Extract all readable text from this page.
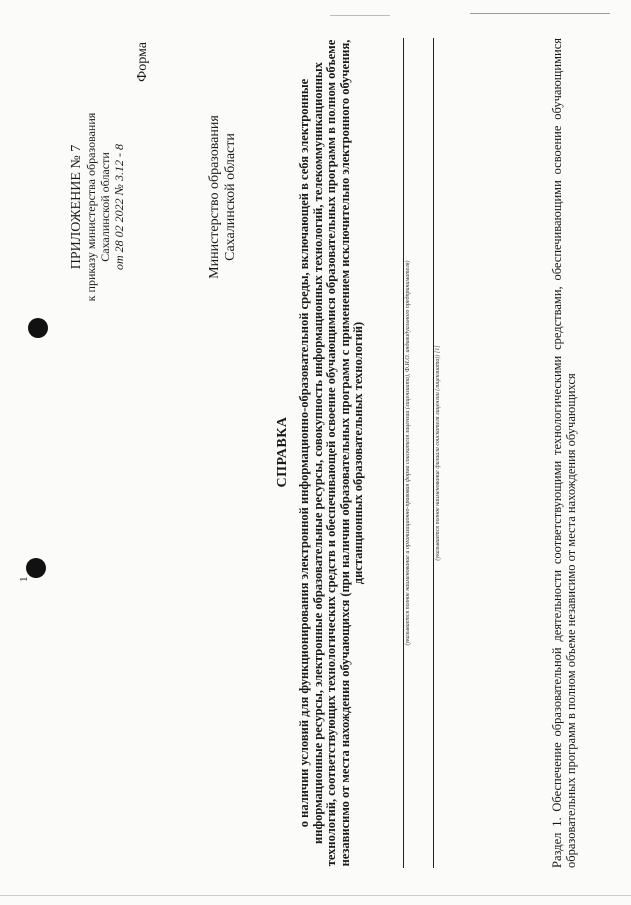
1
ПРИЛОЖЕНИЕ № 7 к приказу министерства образования Сахалинской области от 28 02 2022 № 3.12 - 8
Форма
Министерство образования Сахалинской области
СПРАВКА о наличии условий для функционирования электронной информационно-образовательной среды, включающей в себя электронные информационные ресурсы, электронные образовательные ресурсы, совокупность информационных технологий, телекоммуникационных технологий, соответствующих технологических средств и обеспечивающей освоение обучающимися образовательных программ в полном объеме независимо от места нахождения обучающихся (при наличии образовательных программ с применением исключительно электронного обучения, дистанционных образовательных технологий)	(указывается полное наименование и организационно-правовая форма соискателя лицензии (лицензиата), Ф.И.О. индивидуального предпринимателя)	(указывается полное наименование филиала соискателя лицензии (лицензиата)) [1]	Раздел 1. Обеспечение образовательной деятельности соответствующими технологическими средствами, обеспечивающими освоение обучающимися образовательных программ в полном объеме независимо от места нахождения обучающихся
